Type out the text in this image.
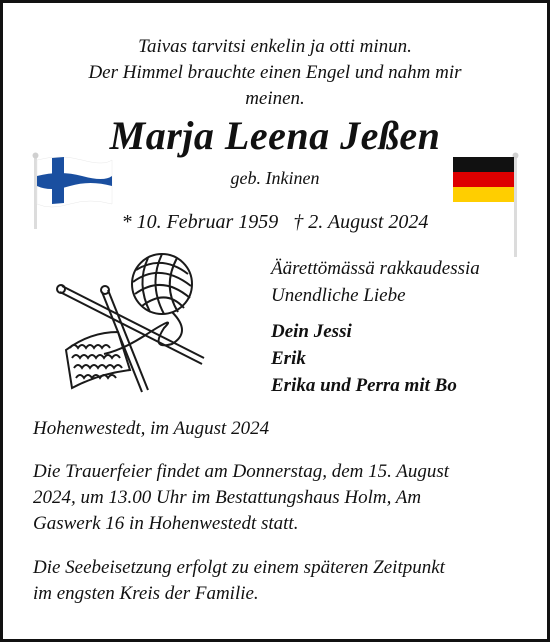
Taivas tarvitsi enkelin ja otti minun.
Der Himmel brauchte einen Engel und nahm mir
meinen.
Marja Leena Jeßen
geb. Inkinen
* 10. Februar 1959   † 2. August 2024
Äärettömässä rakkaudessia
Unendliche Liebe
Dein Jessi
Erik
Erika und Perra mit Bo
Hohenwestedt, im August 2024
Die Trauerfeier findet am Donnerstag, dem 15. August
2024, um 13.00 Uhr im Bestattungshaus Holm, Am
Gaswerk 16 in Hohenwestedt statt.
Die Seebeisetzung erfolgt zu einem späteren Zeitpunkt
im engsten Kreis der Familie.
